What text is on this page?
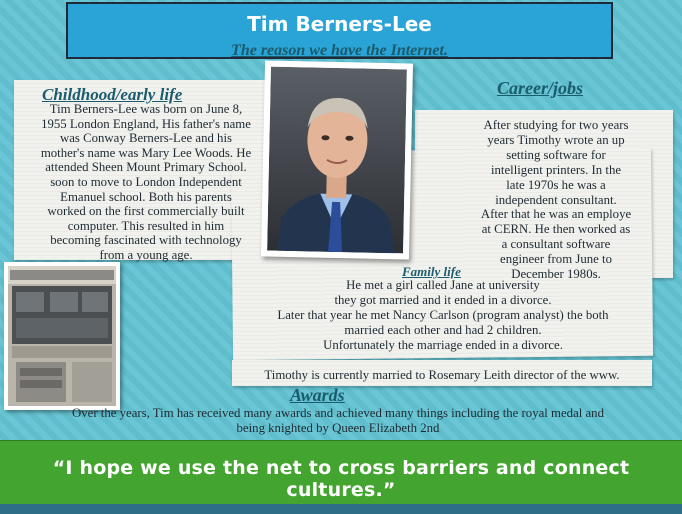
Tim Berners-Lee
The reason we have the Internet.
Childhood/early life
Tim Berners-Lee was born on June 8,
1955 London England, His father's name
was Conway Berners-Lee and his
mother's name was Mary Lee Woods. He
attended Sheen Mount Primary School.
soon to move to London Independent
Emanuel school. Both his parents
worked on the first commercially built
computer. This resulted in him
becoming fascinated with technology
from a young age.
Career/jobs
After studying for two years
years Timothy wrote an up
setting software for
intelligent printers. In the
late 1970s he was a
independent consultant.
After that he was an employe
at CERN. He then worked as
a consultant software
engineer from June to
December 1980s.
Family life
He met a girl called Jane at university
they got married and it ended in a divorce.
Later that year he met Nancy Carlson (program analyst) the both
married each other and had 2 children.
Unfortunately the marriage ended in a divorce.
Timothy is currently married to Rosemary Leith director of the www.
Awards
Over the years, Tim has received many awards and achieved many things including the royal medal and
being knighted by Queen Elizabeth 2nd
“I hope we use the net to cross barriers and connect cultures.”
